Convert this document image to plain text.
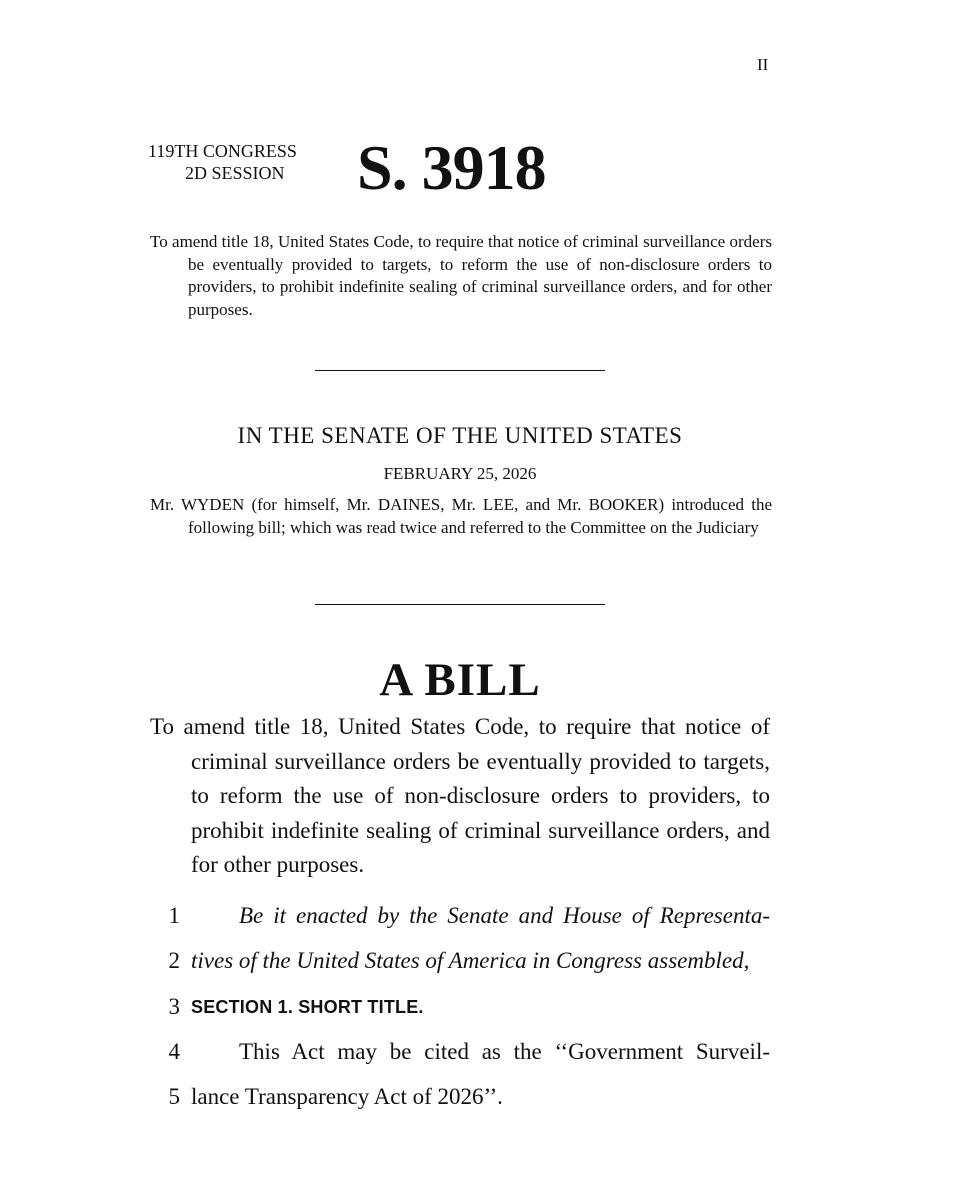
II
119TH CONGRESS
2D SESSION S. 3918
To amend title 18, United States Code, to require that notice of criminal surveillance orders be eventually provided to targets, to reform the use of non-disclosure orders to providers, to prohibit indefinite sealing of criminal surveillance orders, and for other purposes.
IN THE SENATE OF THE UNITED STATES
FEBRUARY 25, 2026
Mr. WYDEN (for himself, Mr. DAINES, Mr. LEE, and Mr. BOOKER) introduced the following bill; which was read twice and referred to the Committee on the Judiciary
A BILL
To amend title 18, United States Code, to require that notice of criminal surveillance orders be eventually provided to targets, to reform the use of non-disclosure orders to providers, to prohibit indefinite sealing of criminal surveillance orders, and for other purposes.
1	Be it enacted by the Senate and House of Representa-
2 tives of the United States of America in Congress assembled,
3 SECTION 1. SHORT TITLE.
4	This Act may be cited as the ‘‘Government Surveil-
5 lance Transparency Act of 2026’’.
